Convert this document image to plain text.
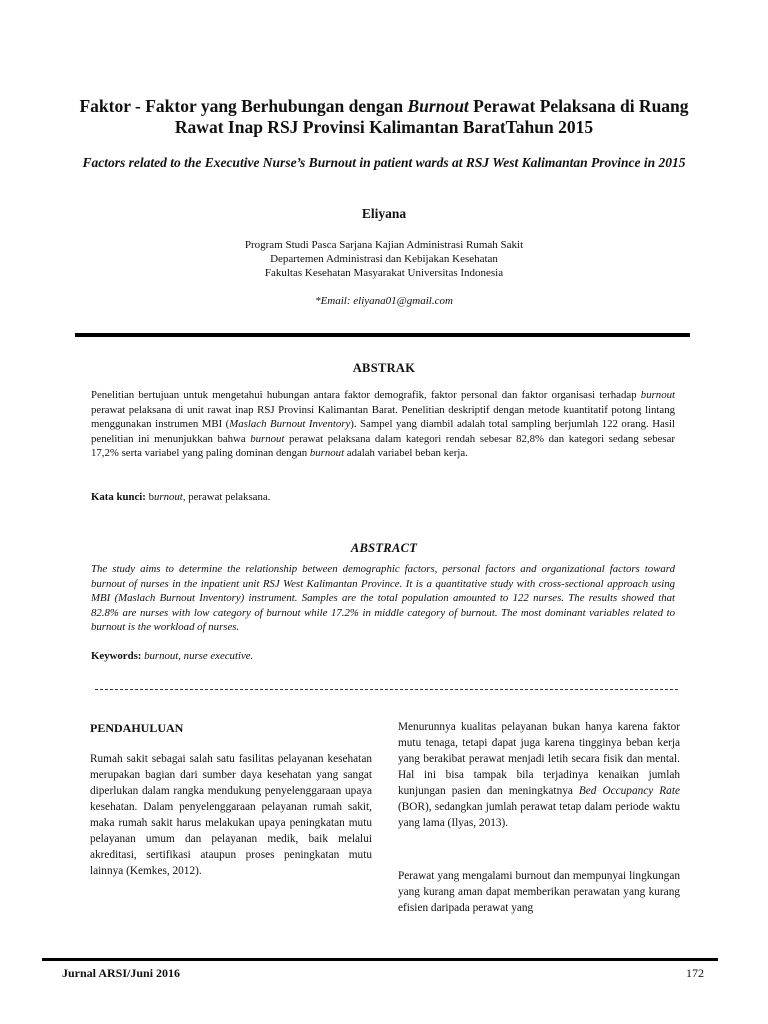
Faktor - Faktor yang Berhubungan dengan Burnout Perawat Pelaksana di Ruang Rawat Inap RSJ Provinsi Kalimantan BaratTahun 2015
Factors related to the Executive Nurse’s Burnout in patient wards at RSJ West Kalimantan Province in 2015
Eliyana
Program Studi Pasca Sarjana Kajian Administrasi Rumah Sakit
Departemen Administrasi dan Kebijakan Kesehatan
Fakultas Kesehatan Masyarakat Universitas Indonesia
*Email: eliyana01@gmail.com
ABSTRAK
Penelitian bertujuan untuk mengetahui hubungan antara faktor demografik, faktor personal dan faktor organisasi terhadap burnout perawat pelaksana di unit rawat inap RSJ Provinsi Kalimantan Barat. Penelitian deskriptif dengan metode kuantitatif potong lintang menggunakan instrumen MBI (Maslach Burnout Inventory). Sampel yang diambil adalah total sampling berjumlah 122 orang. Hasil penelitian ini menunjukkan bahwa burnout perawat pelaksana dalam kategori rendah sebesar 82,8% dan kategori sedang sebesar 17,2% serta variabel yang paling dominan dengan burnout adalah variabel beban kerja.
Kata kunci: burnout, perawat pelaksana.
ABSTRACT
The study aims to determine the relationship between demographic factors, personal factors and organizational factors toward burnout of nurses in the inpatient unit RSJ West Kalimantan Province. It is a quantitative study with cross-sectional approach using MBI (Maslach Burnout Inventory) instrument. Samples are the total population amounted to 122 nurses. The results showed that 82.8% are nurses with low category of burnout while 17.2% in middle category of burnout. The most dominant variables related to burnout is the workload of nurses.
Keywords: burnout, nurse executive.
PENDAHULUAN
Rumah sakit sebagai salah satu fasilitas pelayanan kesehatan merupakan bagian dari sumber daya kesehatan yang sangat diperlukan dalam rangka mendukung penyelenggaraan upaya kesehatan. Dalam penyelenggaraan pelayanan rumah sakit, maka rumah sakit harus melakukan upaya peningkatan mutu pelayanan umum dan pelayanan medik, baik melalui akreditasi, sertifikasi ataupun proses peningkatan mutu lainnya (Kemkes, 2012).
Menurunnya kualitas pelayanan bukan hanya karena faktor mutu tenaga, tetapi dapat juga karena tingginya beban kerja yang berakibat perawat menjadi letih secara fisik dan mental. Hal ini bisa tampak bila terjadinya kenaikan jumlah kunjungan pasien dan meningkatnya Bed Occupancy Rate (BOR), sedangkan jumlah perawat tetap dalam periode waktu yang lama (Ilyas, 2013).
Perawat yang mengalami burnout dan mempunyai lingkungan yang kurang aman dapat memberikan perawatan yang kurang efisien daripada perawat yang
Jurnal ARSI/Juni 2016	172
